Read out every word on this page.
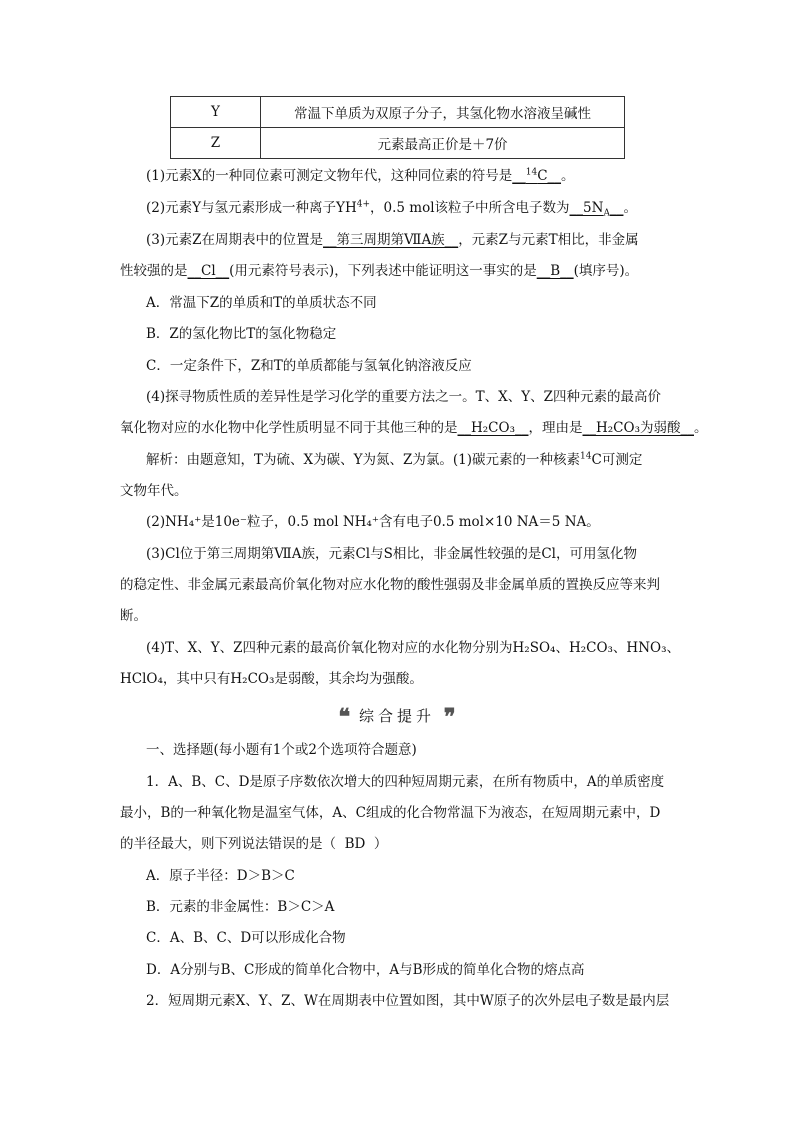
Y	常温下单质为双原子分子，其氢化物水溶液呈碱性
Z	元素最高正价是＋7价
(1)元素X的一种同位素可测定文物年代，这种同位素的符号是__$^{14}$C__。
(2)元素Y与氢元素形成一种离子$YH^{4+}$，0.5 mol该粒子中所含电子数为$\_\_5N_A\_\_$。
(3)元素Z在周期表中的位置是__第三周期第ⅦA族__，元素Z与元素T相比，非金属
性较强的是__Cl__(用元素符号表示)，下列表述中能证明这一事实的是__B__(填序号)。
A．常温下Z的单质和T的单质状态不同
B．Z的氢化物比T的氢化物稳定
C．一定条件下，Z和T的单质都能与氢氧化钠溶液反应
(4)探寻物质性质的差异性是学习化学的重要方法之一。T、X、Y、Z四种元素的最高价
氧化物对应的水化物中化学性质明显不同于其他三种的是__H₂CO₃__，理由是__H₂CO₃为弱酸__。
解析：由题意知，T为硫、X为碳、Y为氮、Z为氯。(1)碳元素的一种核素$^{14}$C可测定
文物年代。
(2)NH₄⁺是10e⁻粒子，0.5 mol NH₄⁺含有电子0.5 mol×10 NA＝5 NA。
(3)Cl位于第三周期第ⅦA族，元素Cl与S相比，非金属性较强的是Cl，可用氢化物
的稳定性、非金属元素最高价氧化物对应水化物的酸性强弱及非金属单质的置换反应等来判
断。
(4)T、X、Y、Z四种元素的最高价氧化物对应的水化物分别为H₂SO₄、H₂CO₃、HNO₃、
HClO₄，其中只有H₂CO₃是弱酸，其余均为强酸。
❝ 综合提升 ❞
一、选择题(每小题有1个或2个选项符合题意)
1．A、B、C、D是原子序数依次增大的四种短周期元素，在所有物质中，A的单质密度
最小，B的一种氧化物是温室气体，A、C组成的化合物常温下为液态，在短周期元素中，D
的半径最大，则下列说法错误的是（  BD  ）
A．原子半径：D＞B＞C
B．元素的非金属性：B＞C＞A
C．A、B、C、D可以形成化合物
D．A分别与B、C形成的简单化合物中，A与B形成的简单化合物的熔点高
2．短周期元素X、Y、Z、W在周期表中位置如图，其中W原子的次外层电子数是最内层
